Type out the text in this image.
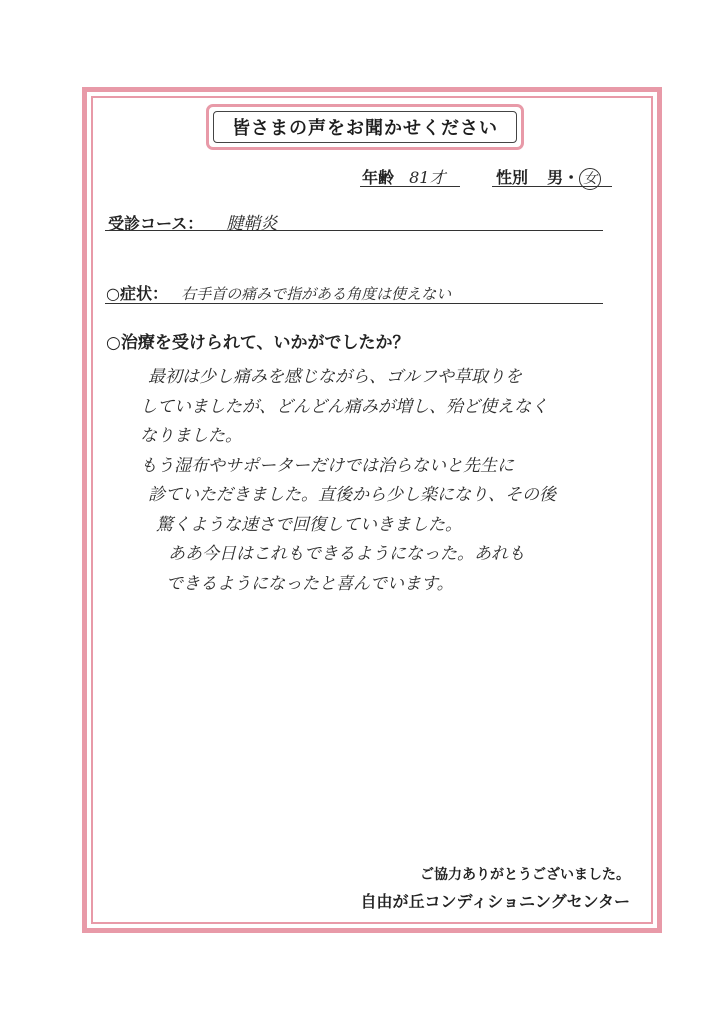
皆さまの声をお聞かせください
年齢 81才	性別 男・ 女
受診コース： 腱鞘炎
○症状： 右手首の痛みで指がある角度は使えない
○治療を受けられて、いかがでしたか？
最初は少し痛みを感じながら、ゴルフや草取りを
していましたが、どんどん痛みが増し、殆ど使えなく
なりました。
もう湿布やサポーターだけでは治らないと先生に
診ていただきました。直後から少し楽になり、その後
驚くような速さで回復していきました。
ああ今日はこれもできるようになった。あれも
できるようになったと喜んでいます。
ご協力ありがとうございました。
自由が丘コンディショニングセンター
